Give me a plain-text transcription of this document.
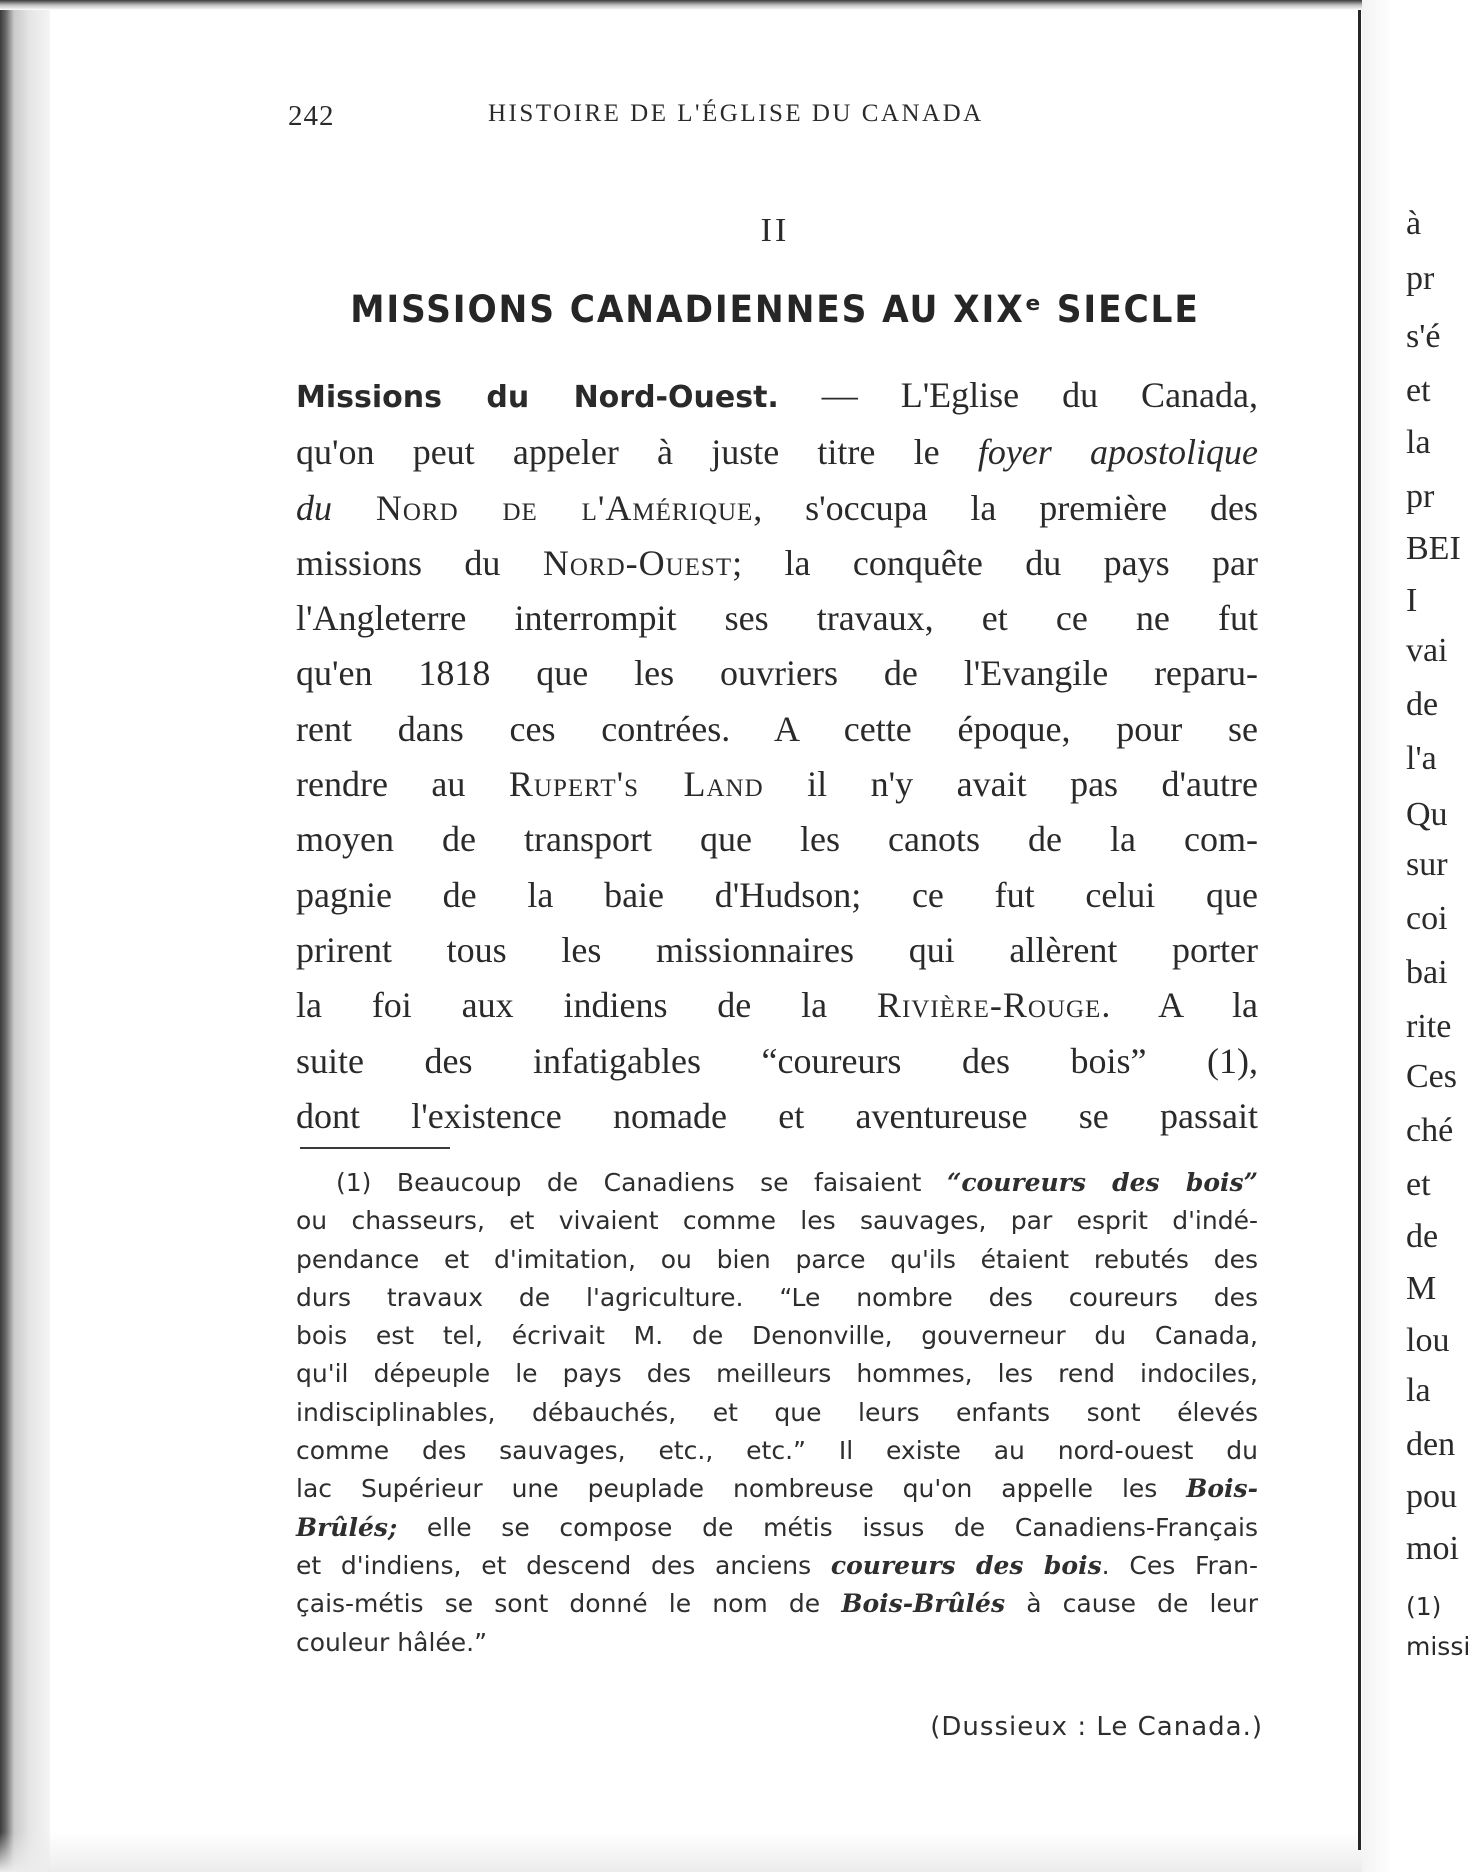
242	HISTOIRE DE L'ÉGLISE DU CANADA
II
MISSIONS CANADIENNES AU XIXᵉ SIECLE
Missions du Nord-Ouest. — L'Eglise du Canada,
qu'on peut appeler à juste titre le foyer apostolique
du Nord de l'Amérique, s'occupa la première des
missions du Nord-Ouest; la conquête du pays par
l'Angleterre interrompit ses travaux, et ce ne fut
qu'en 1818 que les ouvriers de l'Evangile reparu-
rent dans ces contrées. A cette époque, pour se
rendre au Rupert's Land il n'y avait pas d'autre
moyen de transport que les canots de la com-
pagnie de la baie d'Hudson; ce fut celui que
prirent tous les missionnaires qui allèrent porter
la foi aux indiens de la Rivière-Rouge. A la
suite des infatigables “coureurs des bois” (1),
dont l'existence nomade et aventureuse se passait
(1) Beaucoup de Canadiens se faisaient “coureurs des bois”
ou chasseurs, et vivaient comme les sauvages, par esprit d'indé-
pendance et d'imitation, ou bien parce qu'ils étaient rebutés des
durs travaux de l'agriculture. “Le nombre des coureurs des
bois est tel, écrivait M. de Denonville, gouverneur du Canada,
qu'il dépeuple le pays des meilleurs hommes, les rend indociles,
indisciplinables, débauchés, et que leurs enfants sont élevés
comme des sauvages, etc., etc.” Il existe au nord-ouest du
lac Supérieur une peuplade nombreuse qu'on appelle les Bois-
Brûlés; elle se compose de métis issus de Canadiens-Français
et d'indiens, et descend des anciens coureurs des bois. Ces Fran-
çais-métis se sont donné le nom de Bois-Brûlés à cause de leur
couleur hâlée.”
(Dussieux : Le Canada.)
à
pr
s'é
et
la
pr
BEI
I
vai
de
l'a
Qu
sur
coi
bai
rite
Ces
ché
et
de
M
lou
la
den
pou
moi
(1)
missi
